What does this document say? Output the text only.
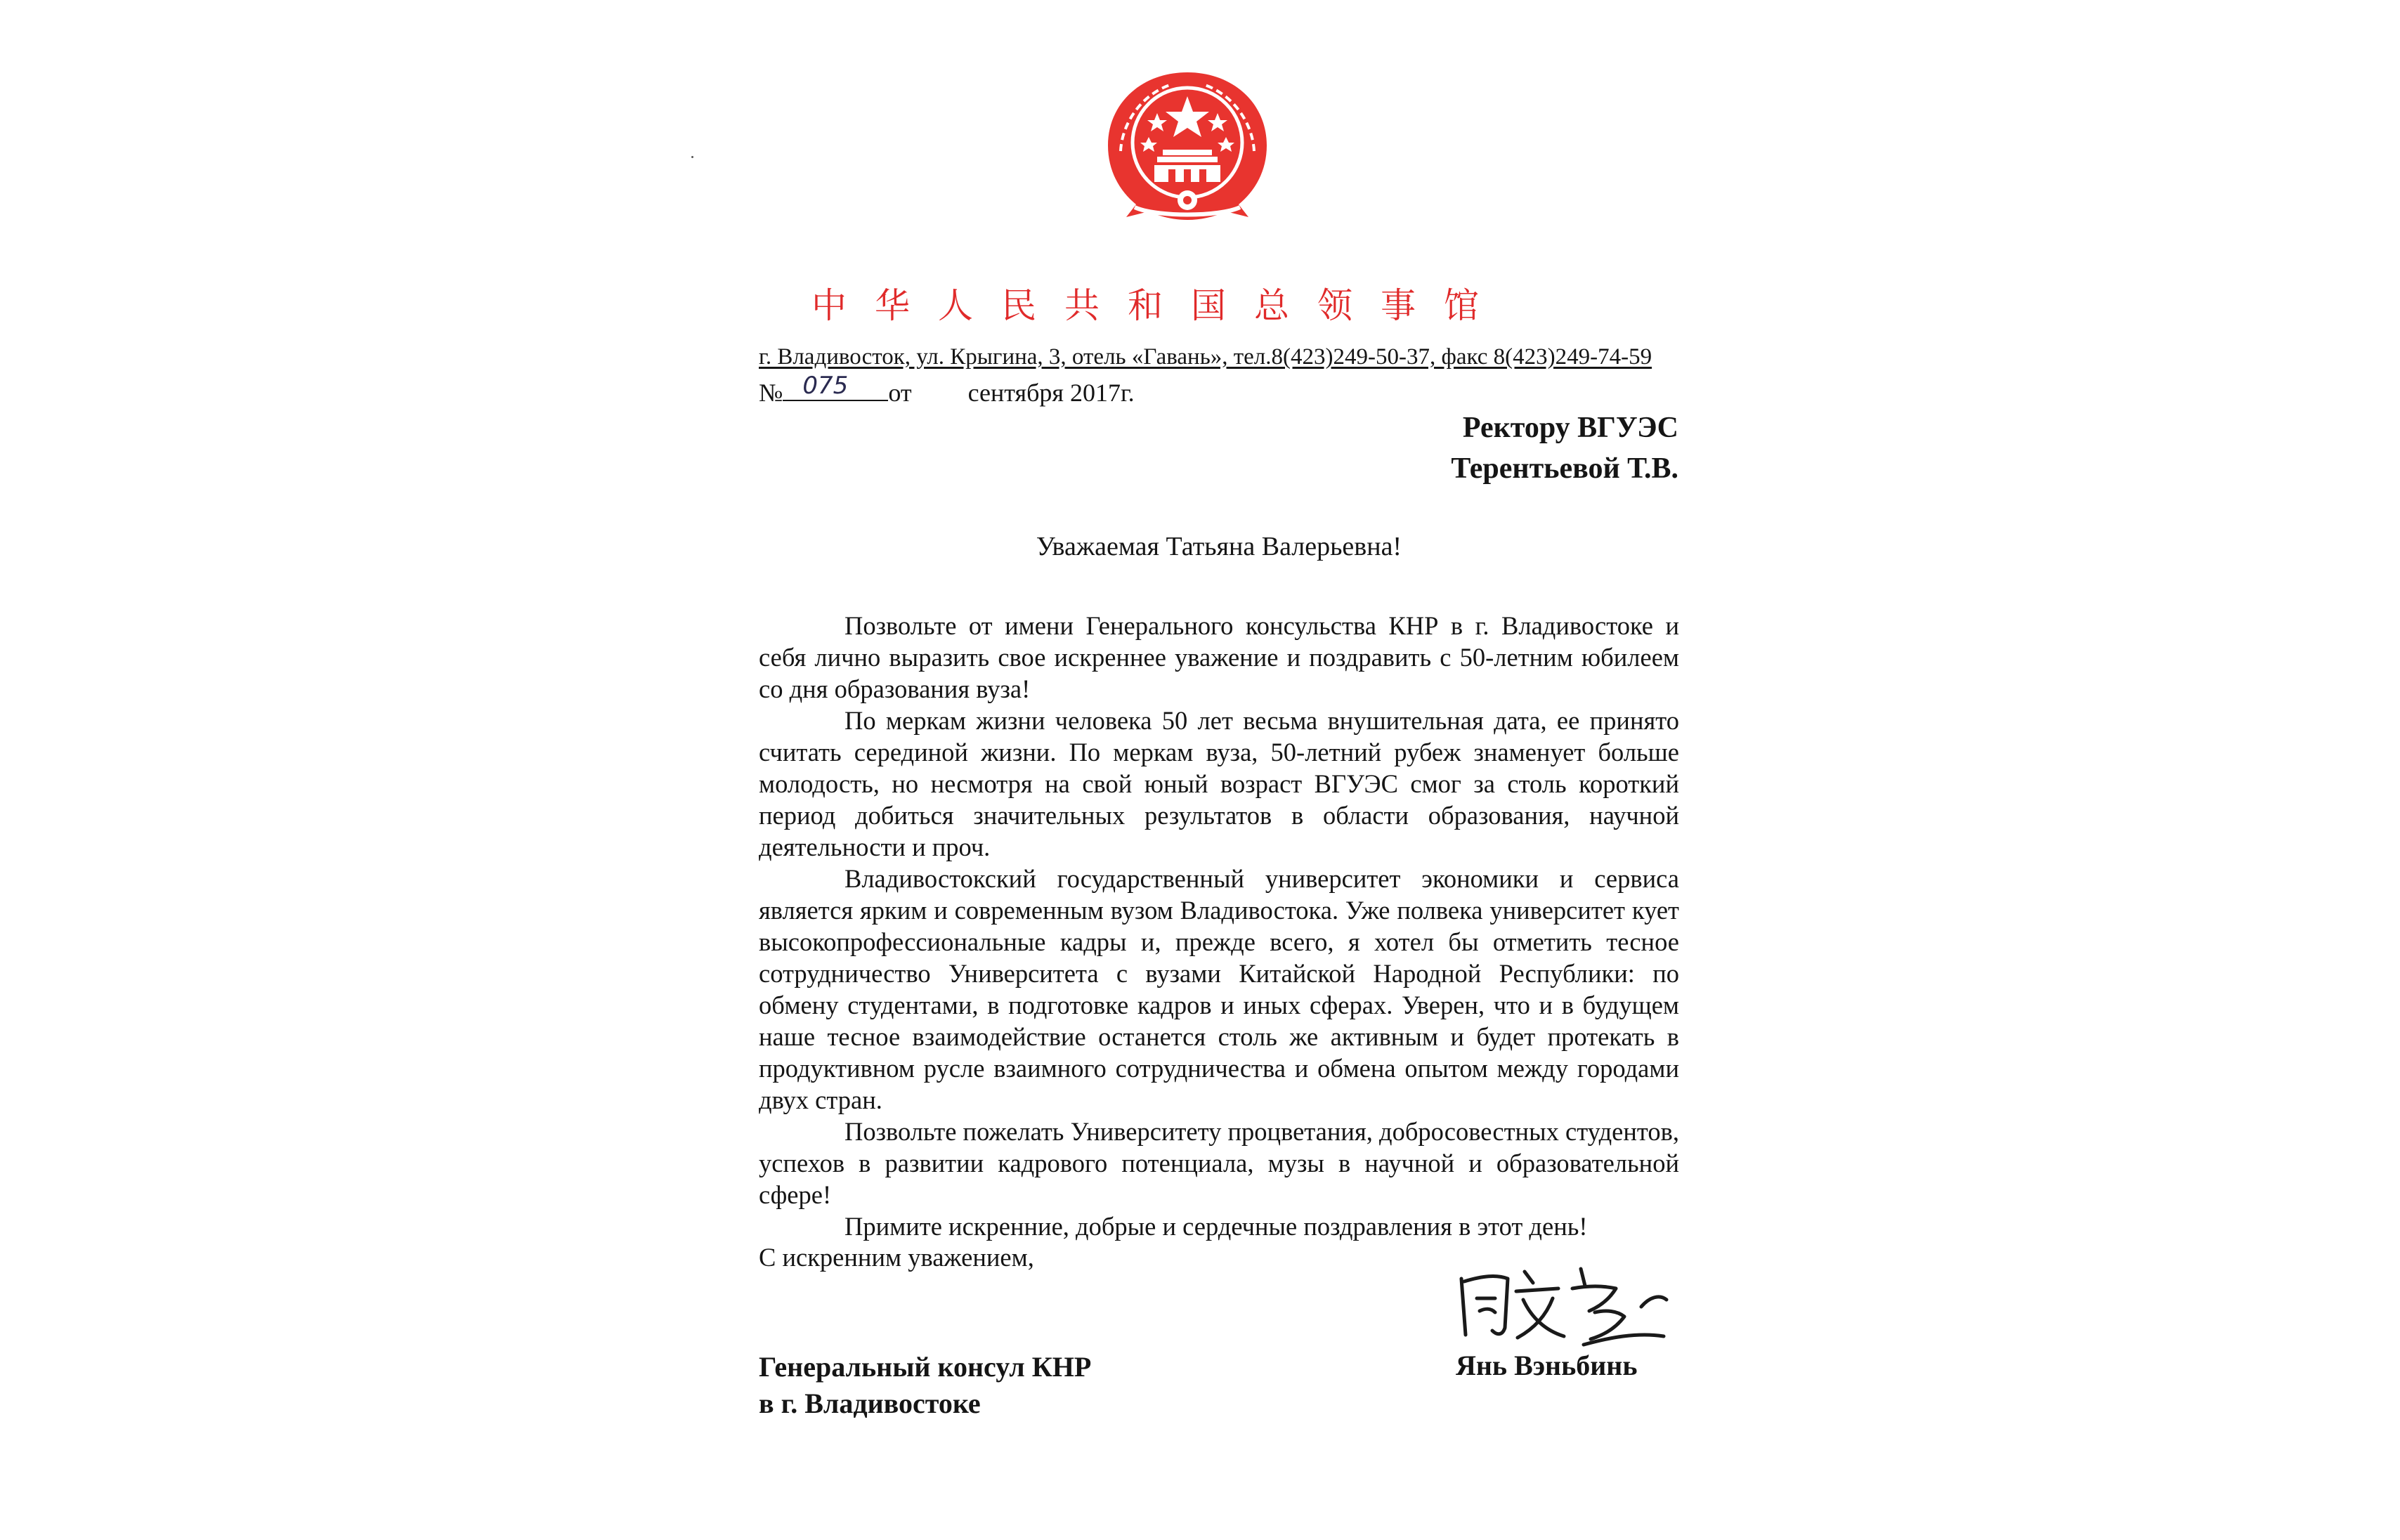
中华人民共和国总领事馆
г. Владивосток, ул. Крыгина, 3, отель «Гавань», тел.8(423)249-50-37, факс 8(423)249-74-59
№ 075 от сентября 2017г.
Ректору ВГУЭС
Терентьевой Т.В.
Уважаемая Татьяна Валерьевна!

Позвольте от имени Генерального консульства КНР в г. Владивостоке и себя лично выразить свое искреннее уважение и поздравить с 50-летним юбилеем со дня образования вуза!

По меркам жизни человека 50 лет весьма внушительная дата, ее принято считать серединой жизни. По меркам вуза, 50-летний рубеж знаменует больше молодость, но несмотря на свой юный возраст ВГУЭС смог за столь короткий период добиться значительных результатов в области образования, научной деятельности и проч.

Владивостокский государственный университет экономики и сервиса является ярким и современным вузом Владивостока. Уже полвека университет кует высокопрофессиональные кадры и, прежде всего, я хотел бы отметить тесное сотрудничество Университета с вузами Китайской Народной Республики: по обмену студентами, в подготовке кадров и иных сферах. Уверен, что и в будущем наше тесное взаимодействие останется столь же активным и будет протекать в продуктивном русле взаимного сотрудничества и обмена опытом между городами двух стран.

Позвольте пожелать Университету процветания, добросовестных студентов, успехов в развитии кадрового потенциала, музы в научной и образовательной сфере!

Примите искренние, добрые и сердечные поздравления в этот день!

С искренним уважением,
Генеральный консул КНР
в г. Владивостоке
Янь Вэньбинь
